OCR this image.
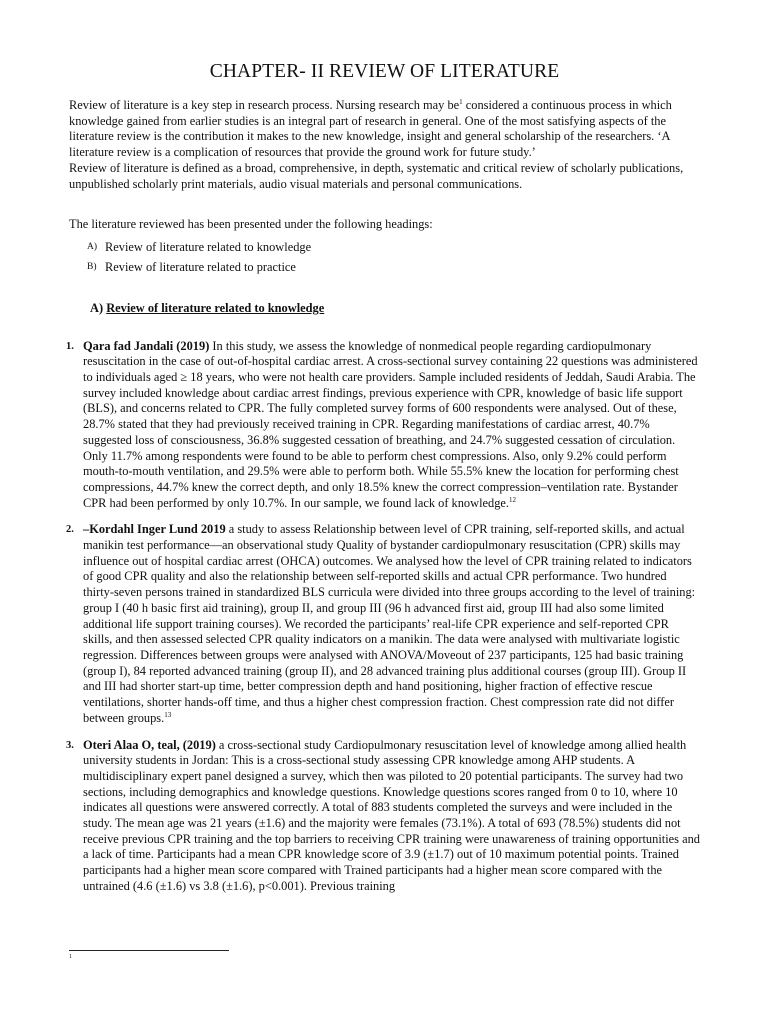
CHAPTER- II REVIEW OF LITERATURE

Review of literature is a key step in research process. Nursing research may $be^1$ considered a continuous process in which knowledge gained from earlier studies is an integral part of research in general. One of the most satisfying aspects of the literature review is the contribution it makes to the new knowledge, insight and general scholarship of the researchers. ‘A literature review is a complication of resources that provide the ground work for future study.’

Review of literature is defined as a broad, comprehensive, in depth, systematic and critical review of scholarly publications, unpublished scholarly print materials, audio visual materials and personal communications.

The literature reviewed has been presented under the following headings:

A) Review of literature related to knowledge
B) Review of literature related to practice

A) Review of literature related to knowledge

1. Qara fad Jandali (2019) In this study, we assess the knowledge of nonmedical people regarding cardiopulmonary resuscitation in the case of out-of-hospital cardiac arrest. A cross-sectional survey containing 22 questions was administered to individuals aged ≥ 18 years, who were not health care providers. Sample included residents of Jeddah, Saudi Arabia. The survey included knowledge about cardiac arrest findings, previous experience with CPR, knowledge of basic life support (BLS), and concerns related to CPR. The fully completed survey forms of 600 respondents were analysed. Out of these, 28.7% stated that they had previously received training in CPR. Regarding manifestations of cardiac arrest, 40.7% suggested loss of consciousness, 36.8% suggested cessation of breathing, and 24.7% suggested cessation of circulation. Only 11.7% among respondents were found to be able to perform chest compressions. Also, only 9.2% could perform mouth-to-mouth ventilation, and 29.5% were able to perform both. While 55.5% knew the location for performing chest compressions, 44.7% knew the correct depth, and only 18.5% knew the correct compression–ventilation rate. Bystander CPR had been performed by only 10.7%. In our sample, we found lack of knowledge.$^{12}$
2. –Kordahl Inger Lund 2019 a study to assess Relationship between level of CPR training, self-reported skills, and actual manikin test performance—an observational study Quality of bystander cardiopulmonary resuscitation (CPR) skills may influence out of hospital cardiac arrest (OHCA) outcomes. We analysed how the level of CPR training related to indicators of good CPR quality and also the relationship between self-reported skills and actual CPR performance. Two hundred thirty-seven persons trained in standardized BLS curricula were divided into three groups according to the level of training: group I (40 h basic first aid training), group II, and group III (96 h advanced first aid, group III had also some limited additional life support training courses). We recorded the participants’ real-life CPR experience and self-reported CPR skills, and then assessed selected CPR quality indicators on a manikin. The data were analysed with multivariate logistic regression. Differences between groups were analysed with ANOVA/Moveout of 237 participants, 125 had basic training (group I), 84 reported advanced training (group II), and 28 advanced training plus additional courses (group III). Group II and III had shorter start-up time, better compression depth and hand positioning, higher fraction of effective rescue ventilations, shorter hands-off time, and thus a higher chest compression fraction. Chest compression rate did not differ between groups.$^{13}$
3. Oteri Alaa O, teal, (2019) a cross-sectional study Cardiopulmonary resuscitation level of knowledge among allied health university students in Jordan: This is a cross-sectional study assessing CPR knowledge among AHP students. A multidisciplinary expert panel designed a survey, which then was piloted to 20 potential participants. The survey had two sections, including demographics and knowledge questions. Knowledge questions scores ranged from 0 to 10, where 10 indicates all questions were answered correctly. A total of 883 students completed the surveys and were included in the study. The mean age was 21 years (±1.6) and the majority were females (73.1%). A total of 693 (78.5%) students did not receive previous CPR training and the top barriers to receiving CPR training were unawareness of training opportunities and a lack of time. Participants had a mean CPR knowledge score of 3.9 (±1.7) out of 10 maximum potential points. Trained participants had a higher mean score compared with Trained participants had a higher mean score compared with the untrained (4.6 (±1.6) vs 3.8 (±1.6), p<0.001). Previous training
1
